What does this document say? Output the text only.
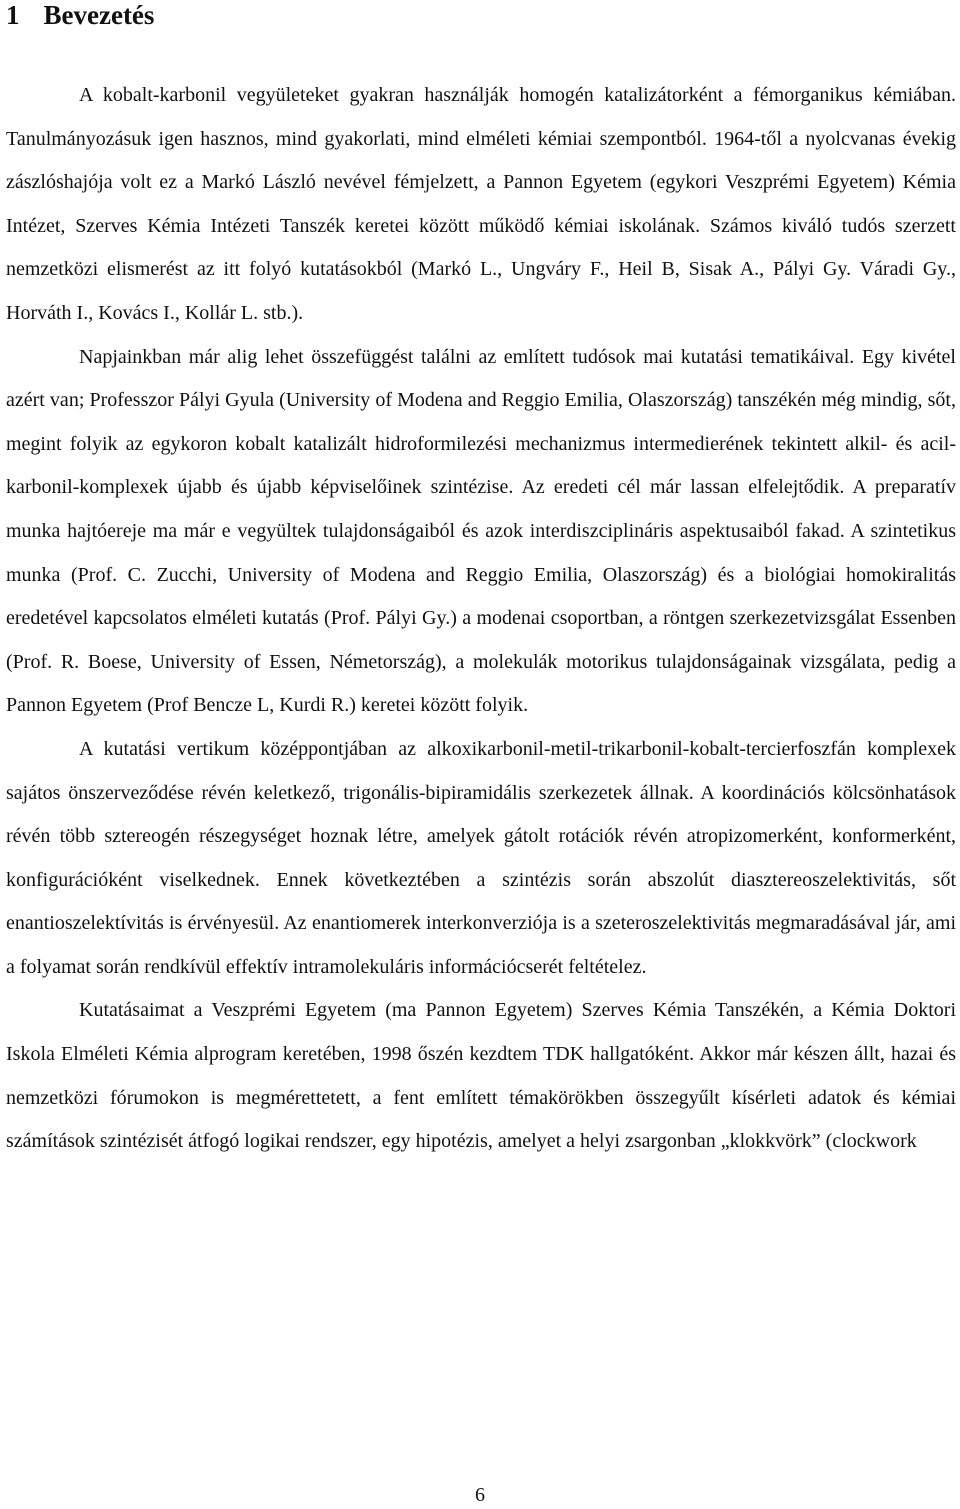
1 Bevezetés

A kobalt-karbonil vegyületeket gyakran használják homogén katalizátorként a fémorganikus kémiában. Tanulmányozásuk igen hasznos, mind gyakorlati, mind elméleti kémiai szempontból. 1964-től a nyolcvanas évekig zászlóshajója volt ez a Markó László nevével fémjelzett, a Pannon Egyetem (egykori Veszprémi Egyetem) Kémia Intézet, Szerves Kémia Intézeti Tanszék keretei között működő kémiai iskolának. Számos kiváló tudós szerzett nemzetközi elismerést az itt folyó kutatásokból (Markó L., Ungváry F., Heil B, Sisak A., Pályi Gy. Váradi Gy., Horváth I., Kovács I., Kollár L. stb.).

Napjainkban már alig lehet összefüggést találni az említett tudósok mai kutatási tematikáival. Egy kivétel azért van; Professzor Pályi Gyula (University of Modena and Reggio Emilia, Olaszország) tanszékén még mindig, sőt, megint folyik az egykoron kobalt katalizált hidroformilezési mechanizmus intermedierének tekintett alkil- és acil-karbonil-komplexek újabb és újabb képviselőinek szintézise. Az eredeti cél már lassan elfelejtődik. A preparatív munka hajtóereje ma már e vegyültek tulajdonságaiból és azok interdiszciplináris aspektusaiból fakad. A szintetikus munka (Prof. C. Zucchi, University of Modena and Reggio Emilia, Olaszország) és a biológiai homokiralitás eredetével kapcsolatos elméleti kutatás (Prof. Pályi Gy.) a modenai csoportban, a röntgen szerkezetvizsgálat Essenben (Prof. R. Boese, University of Essen, Németország), a molekulák motorikus tulajdonságainak vizsgálata, pedig a Pannon Egyetem (Prof Bencze L, Kurdi R.) keretei között folyik.

A kutatási vertikum középpontjában az alkoxikarbonil-metil-trikarbonil-kobalt-tercierfoszfán komplexek sajátos önszerveződése révén keletkező, trigonális-bipiramidális szerkezetek állnak. A koordinációs kölcsönhatások révén több sztereogén részegységet hoznak létre, amelyek gátolt rotációk révén atropizomerként, konformerként, konfigurációként viselkednek. Ennek következtében a szintézis során abszolút diasztereoszelektivitás, sőt enantioszelektívitás is érvényesül. Az enantiomerek interkonverziója is a szeteroszelektivitás megmaradásával jár, ami a folyamat során rendkívül effektív intramolekuláris információcserét feltételez.

Kutatásaimat a Veszprémi Egyetem (ma Pannon Egyetem) Szerves Kémia Tanszékén, a Kémia Doktori Iskola Elméleti Kémia alprogram keretében, 1998 őszén kezdtem TDK hallgatóként. Akkor már készen állt, hazai és nemzetközi fórumokon is megmérettetett, a fent említett témakörökben összegyűlt kísérleti adatok és kémiai számítások szintézisét átfogó logikai rendszer, egy hipotézis, amelyet a helyi zsargonban „klokkvörk” (clockwork

6
